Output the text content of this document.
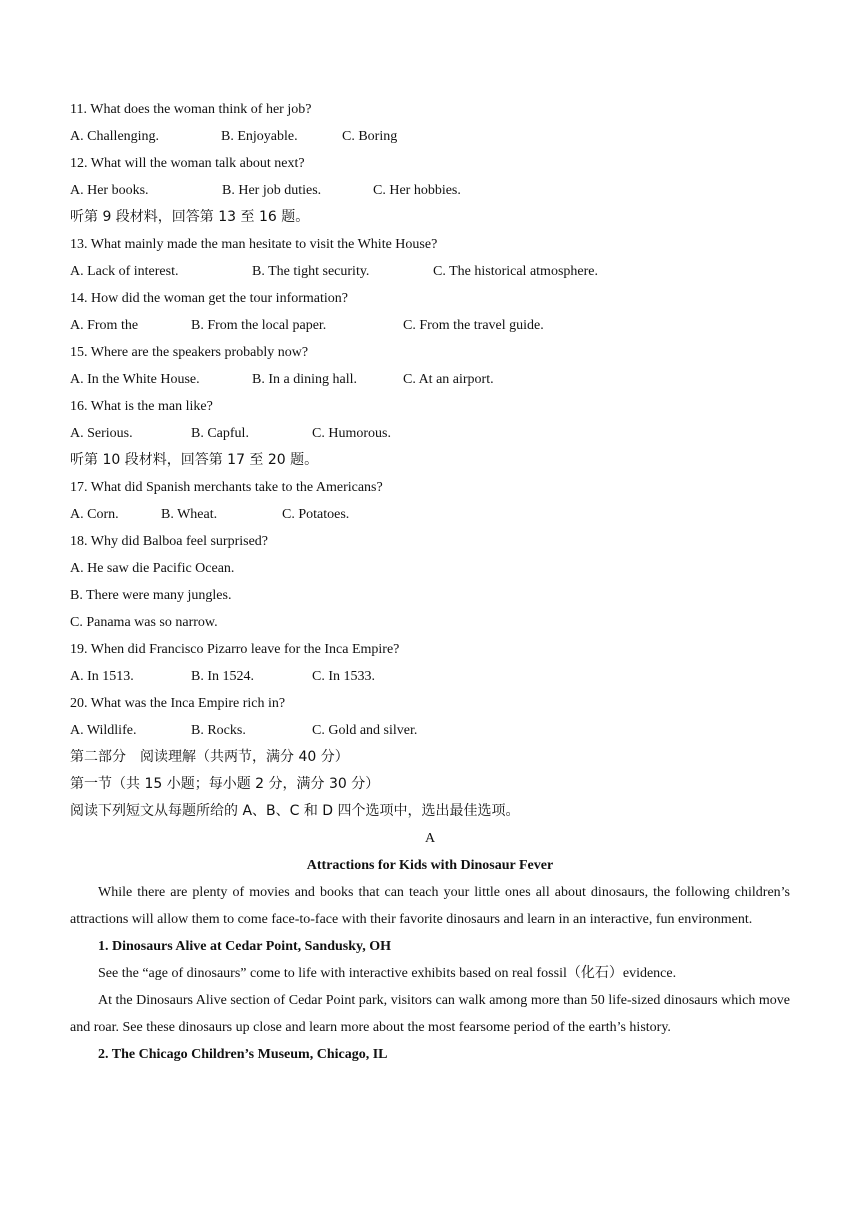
11. What does the woman think of her job?
A. Challenging.	B. Enjoyable.	C. Boring
12. What will the woman talk about next?
A. Her books.	B. Her job duties.	C. Her hobbies.
听第 9 段材料，回答第 13 至 16 题。
13. What mainly made the man hesitate to visit the White House?
A. Lack of interest.	B. The tight security.	C. The historical atmosphere.
14. How did the woman get the tour information?
A. From the	B. From the local paper.	C. From the travel guide.
15. Where are the speakers probably now?
A. In the White House.	B. In a dining hall.	C. At an airport.
16. What is the man like?
A. Serious.	B. Capful.	C. Humorous.
听第 10 段材料，回答第 17 至 20 题。
17. What did Spanish merchants take to the Americans?
A. Corn.	B. Wheat.	C. Potatoes.
18. Why did Balboa feel surprised?
A. He saw die Pacific Ocean.
B. There were many jungles.
C. Panama was so narrow.
19. When did Francisco Pizarro leave for the Inca Empire?
A. In 1513.	B. In 1524.	C. In 1533.
20. What was the Inca Empire rich in?
A. Wildlife.	B. Rocks.	C. Gold and silver.
第二部分　阅读理解（共两节，满分 40 分）
第一节（共 15 小题；每小题 2 分，满分 30 分）
阅读下列短文从每题所给的 A、B、C 和 D 四个选项中，选出最佳选项。
A
Attractions for Kids with Dinosaur Fever

While there are plenty of movies and books that can teach your little ones all about dinosaurs, the following children’s attractions will allow them to come face-to-face with their favorite dinosaurs and learn in an interactive, fun environment.

1. Dinosaurs Alive at Cedar Point, Sandusky, OH

See the “age of dinosaurs” come to life with interactive exhibits based on real fossil（化石）evidence.

At the Dinosaurs Alive section of Cedar Point park, visitors can walk among more than 50 life-sized dinosaurs which move and roar. See these dinosaurs up close and learn more about the most fearsome period of the earth’s history.

2. The Chicago Children’s Museum, Chicago, IL
